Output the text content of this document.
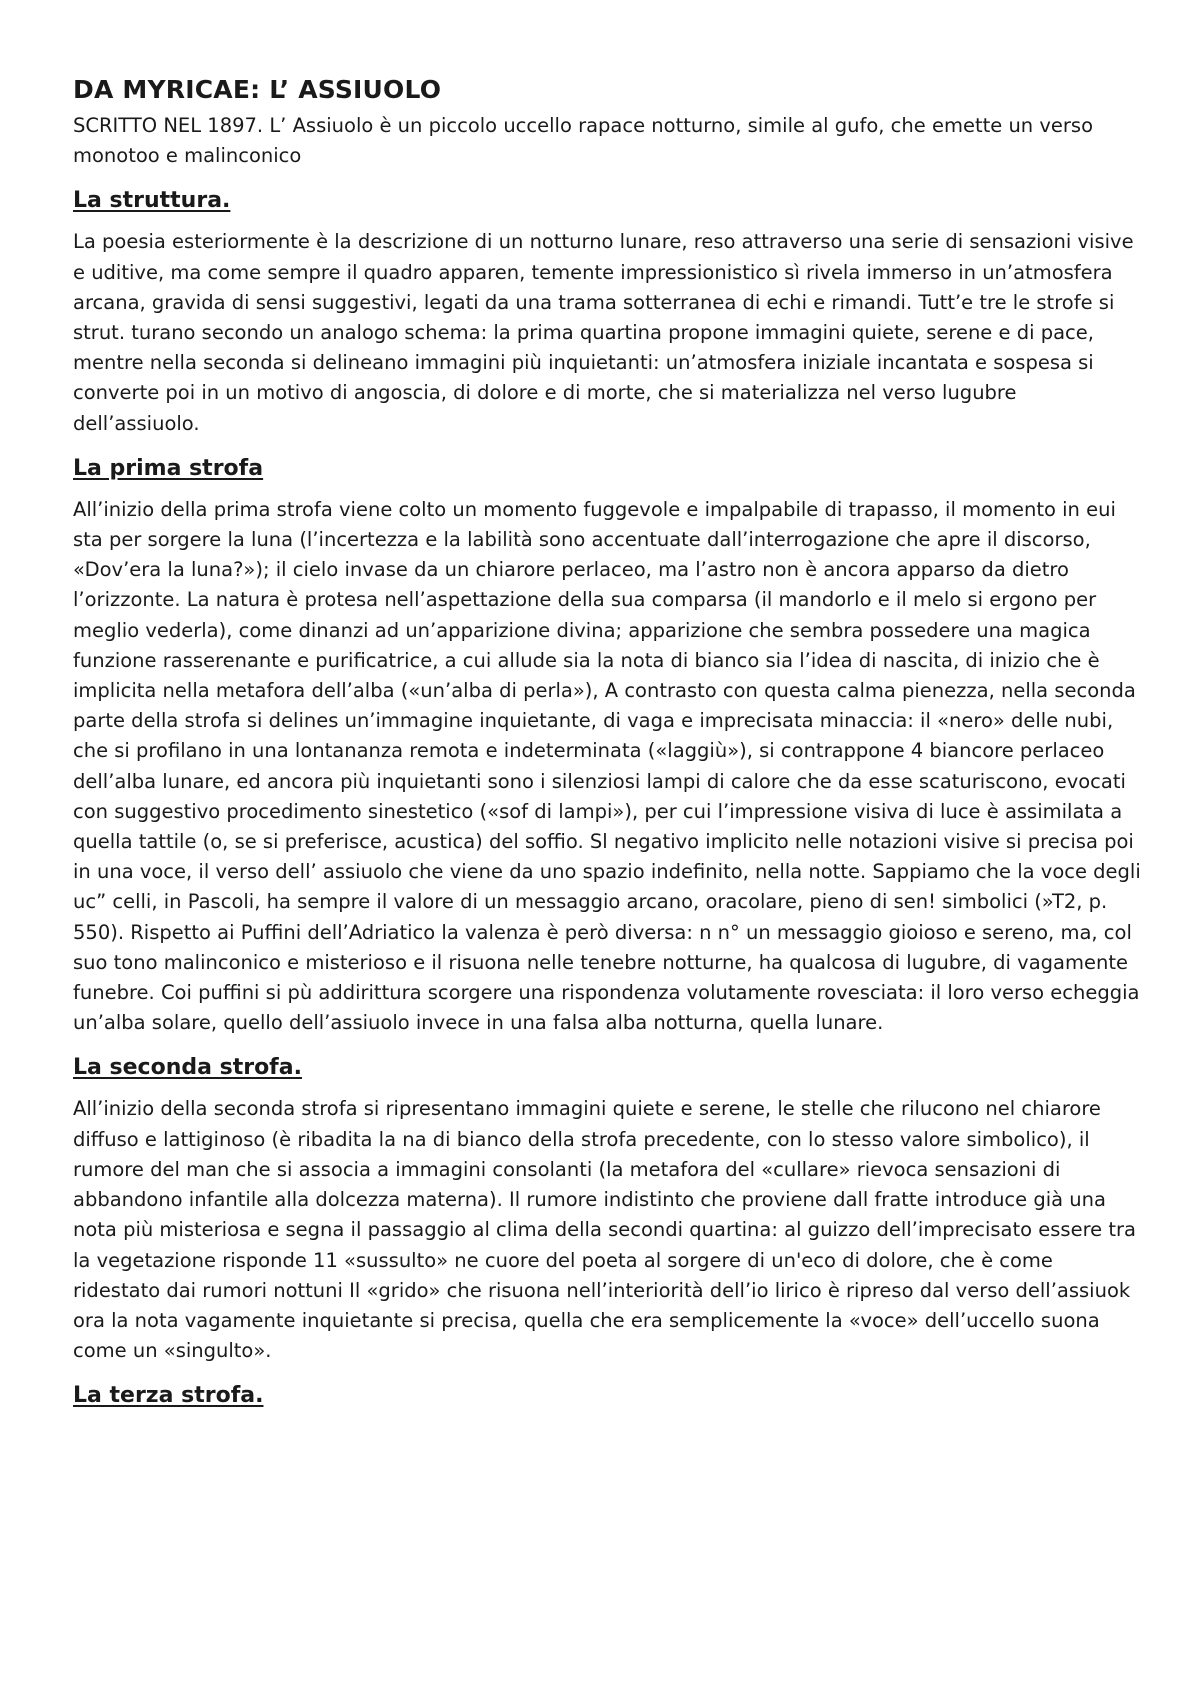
DA MYRICAE: L’ ASSIUOLO

SCRITTO NEL 1897. L’ Assiuolo è un piccolo uccello rapace notturno, simile al gufo, che emette un verso monotoo e malinconico

La struttura.

La poesia esteriormente è la descrizione di un notturno lunare, reso attraverso una serie di sensazioni visive e uditive, ma come sempre il quadro apparen, temente impressionistico sì rivela immerso in un’atmosfera arcana, gravida di sensi suggestivi, legati da una trama sotterranea di echi e rimandi. Tutt’e tre le strofe si strut. turano secondo un analogo schema: la prima quartina propone immagini quiete, serene e di pace, mentre nella seconda si delineano immagini più inquietanti: un’atmosfera iniziale incantata e sospesa si converte poi in un motivo di angoscia, di dolore e di morte, che si materializza nel verso lugubre dell’assiuolo.

La prima strofa

All’inizio della prima strofa viene colto un momento fuggevole e impalpabile di trapasso, il momento in eui sta per sorgere la luna (l’incertezza e la labilità sono accentuate dall’interrogazione che apre il discorso, «Dov’era la luna?»); il cielo invase da un chiarore perlaceo, ma l’astro non è ancora apparso da dietro l’orizzonte. La natura è protesa nell’aspettazione della sua comparsa (il mandorlo e il melo si ergono per meglio vederla), come dinanzi ad un’apparizione divina; apparizione che sembra possedere una magica funzione rasserenante e purificatrice, a cui allude sia la nota di bianco sia l’idea di nascita, di inizio che è implicita nella metafora dell’alba («un’alba di perla»), A contrasto con questa calma pienezza, nella seconda parte della strofa si delines un’immagine inquietante, di vaga e imprecisata minaccia: il «nero» delle nubi, che si profilano in una lontananza remota e indeterminata («laggiù»), si contrappone 4 biancore perlaceo dell’alba lunare, ed ancora più inquietanti sono i silenziosi lampi di calore che da esse scaturiscono, evocati con suggestivo procedimento sinestetico («sof di lampi»), per cui l’impressione visiva di luce è assimilata a quella tattile (o, se si preferisce, acustica) del soffio. Sl negativo implicito nelle notazioni visive si precisa poi in una voce, il verso dell’ assiuolo che viene da uno spazio indefinito, nella notte. Sappiamo che la voce degli uc” celli, in Pascoli, ha sempre il valore di un messaggio arcano, oracolare, pieno di sen! simbolici (»T2, p. 550). Rispetto ai Puffini dell’Adriatico la valenza è però diversa: n n° un messaggio gioioso e sereno, ma, col suo tono malinconico e misterioso e il risuona nelle tenebre notturne, ha qualcosa di lugubre, di vagamente funebre. Coi puffini si pù addirittura scorgere una rispondenza volutamente rovesciata: il loro verso echeggia un’alba solare, quello dell’assiuolo invece in una falsa alba notturna, quella lunare.

La seconda strofa.

All’inizio della seconda strofa si ripresentano immagini quiete e serene, le stelle che rilucono nel chiarore diffuso e lattiginoso (è ribadita la na di bianco della strofa precedente, con lo stesso valore simbolico), il rumore del man che si associa a immagini consolanti (la metafora del «cullare» rievoca sensazioni di abbandono infantile alla dolcezza materna). Il rumore indistinto che proviene dall fratte introduce già una nota più misteriosa e segna il passaggio al clima della secondi quartina: al guizzo dell’imprecisato essere tra la vegetazione risponde 11 «sussulto» ne cuore del poeta al sorgere di un'eco di dolore, che è come ridestato dai rumori nottuni Il «grido» che risuona nell’interiorità dell’io lirico è ripreso dal verso dell’assiuok ora la nota vagamente inquietante si precisa, quella che era semplicemente la «voce» dell’uccello suona come un «singulto».

La terza strofa.
